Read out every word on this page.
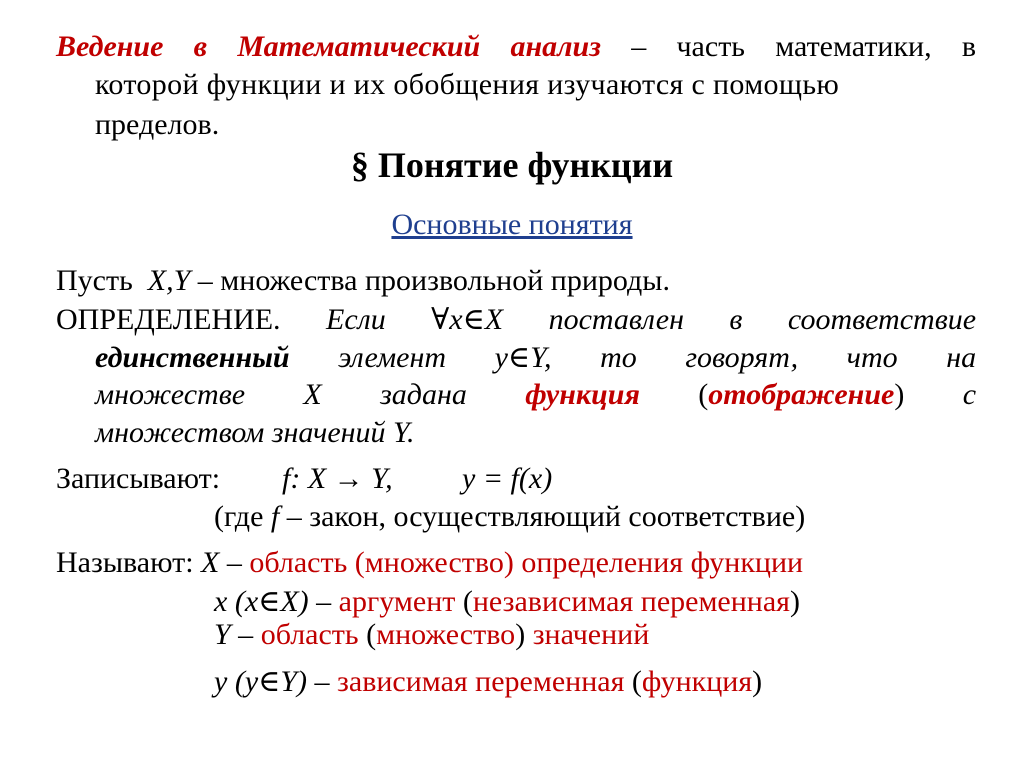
Ведение в Математический анализ – часть математики, в
которой функции и их обобщения изучаются с помощью
пределов.
§ Понятие функции
Основные понятия
Пусть X,Y – множества произвольной природы.
ОПРЕДЕЛЕНИЕ. Если ∀x∈X поставлен в соответствие
единственный элемент y∈Y, то говорят, что на
множестве X задана функция (отображение) с
множеством значений Y.
Записывают: f: X → Y, y = f(x)
(где f – закон, осуществляющий соответствие)
Называют: X – область (множество) определения функции
x (x∈X) – аргумент (независимая переменная)
Y – область (множество) значений
y (y∈Y) – зависимая переменная (функция)
